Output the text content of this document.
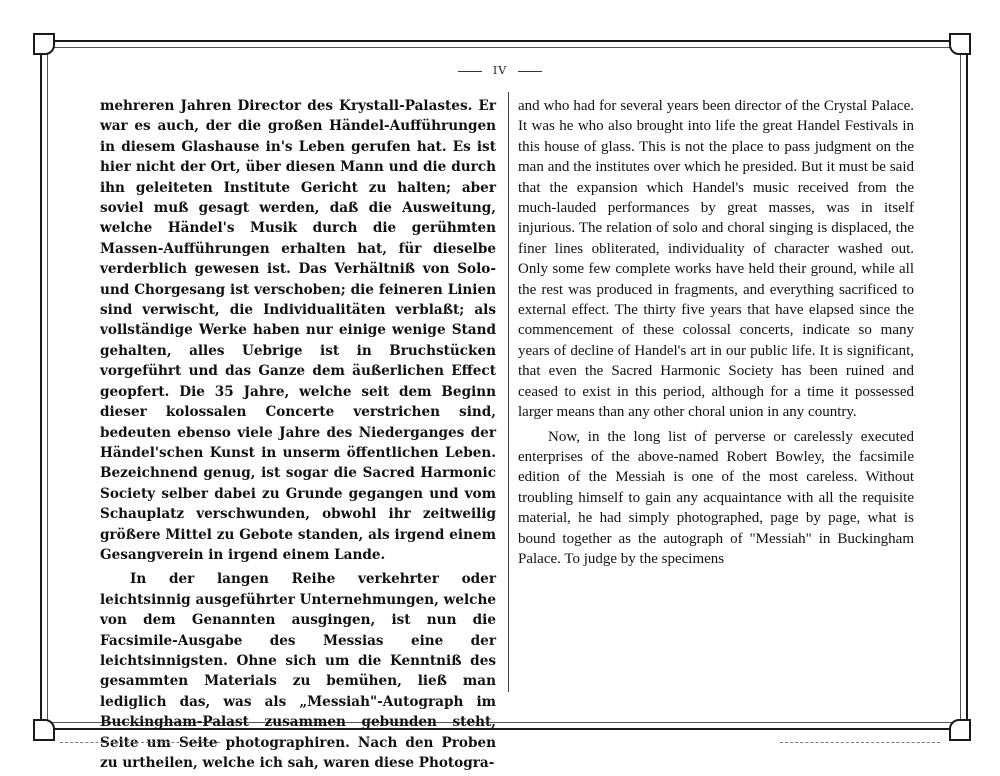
IV

mehreren Jahren Director des Krystall-Palastes. Er war es auch, der die großen Händel-Aufführungen in diesem Glashause in's Leben gerufen hat. Es ist hier nicht der Ort, über diesen Mann und die durch ihn geleiteten Institute Gericht zu halten; aber soviel muß gesagt werden, daß die Ausweitung, welche Händel's Musik durch die gerühmten Massen-Aufführungen erhalten hat, für dieselbe verderblich gewesen ist. Das Verhältniß von Solo- und Chorgesang ist verschoben; die feineren Linien sind verwischt, die Individualitäten verblaßt; als vollständige Werke haben nur einige wenige Stand gehalten, alles Uebrige ist in Bruchstücken vorgeführt und das Ganze dem äußerlichen Effect geopfert. Die 35 Jahre, welche seit dem Beginn dieser kolossalen Concerte verstrichen sind, bedeuten ebenso viele Jahre des Niederganges der Händel'schen Kunst in unserm öffentlichen Leben. Bezeichnend genug, ist sogar die Sacred Harmonic Society selber dabei zu Grunde gegangen und vom Schauplatz verschwunden, obwohl ihr zeitweilig größere Mittel zu Gebote standen, als irgend einem Gesangverein in irgend einem Lande.

In der langen Reihe verkehrter oder leichtsinnig ausgeführter Unternehmungen, welche von dem Genannten ausgingen, ist nun die Facsimile-Ausgabe des Messias eine der leichtsinnigsten. Ohne sich um die Kenntniß des gesammten Materials zu bemühen, ließ man lediglich das, was als „Messiah"-Autograph im Buckingham-Palast zusammen gebunden steht, Seite um Seite photographiren. Nach den Proben zu urtheilen, welche ich sah, waren diese Photogra-

and who had for several years been director of the Crystal Palace. It was he who also brought into life the great Handel Festivals in this house of glass. This is not the place to pass judgment on the man and the institutes over which he presided. But it must be said that the expansion which Handel's music received from the much-lauded performances by great masses, was in itself injurious. The relation of solo and choral singing is displaced, the finer lines obliterated, individuality of character washed out. Only some few complete works have held their ground, while all the rest was produced in fragments, and everything sacrificed to external effect. The thirty five years that have elapsed since the commencement of these colossal concerts, indicate so many years of decline of Handel's art in our public life. It is significant, that even the Sacred Harmonic Society has been ruined and ceased to exist in this period, although for a time it possessed larger means than any other choral union in any country.

Now, in the long list of perverse or carelessly executed enterprises of the above-named Robert Bowley, the facsimile edition of the Messiah is one of the most careless. Without troubling himself to gain any acquaintance with all the requisite material, he had simply photographed, page by page, what is bound together as the autograph of "Messiah" in Buckingham Palace. To judge by the specimens
